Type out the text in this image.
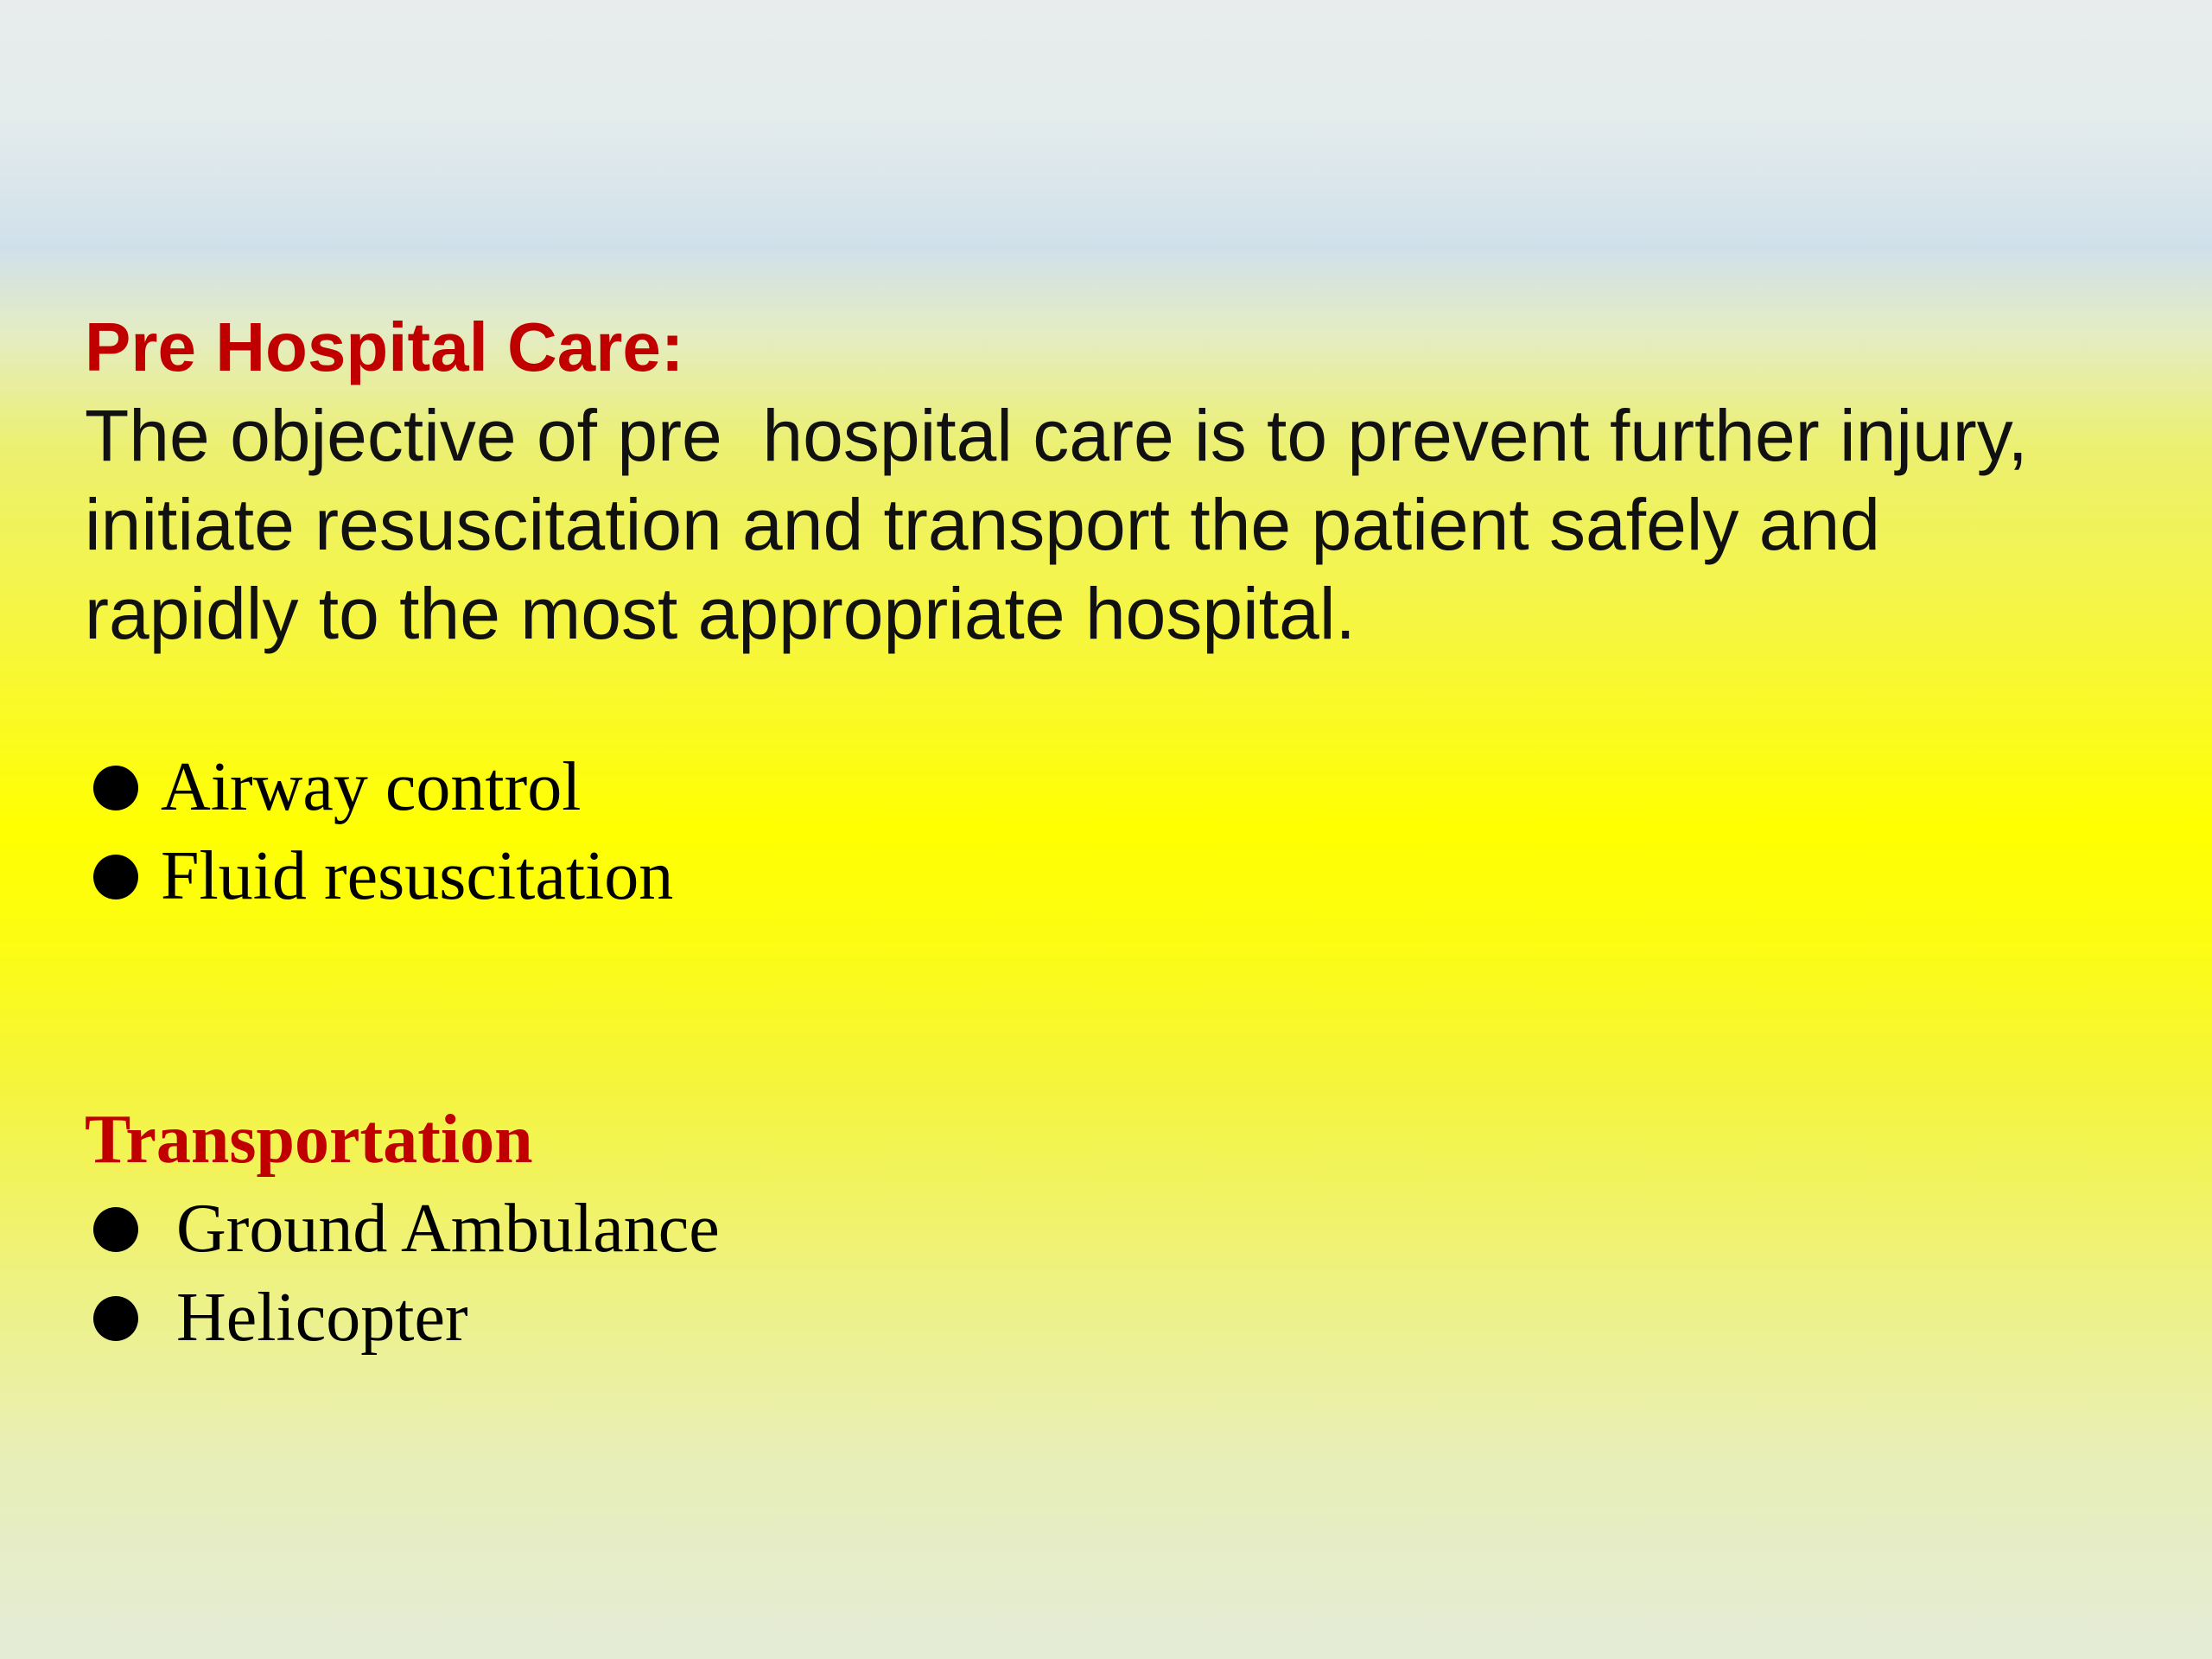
Pre Hospital Care:
The objective of pre  hospital care is to prevent further injury,
initiate resuscitation and transport the patient safely and
rapidly to the most appropriate hospital.
Airway control
Fluid resuscitation
Transportation
Ground Ambulance
Helicopter
